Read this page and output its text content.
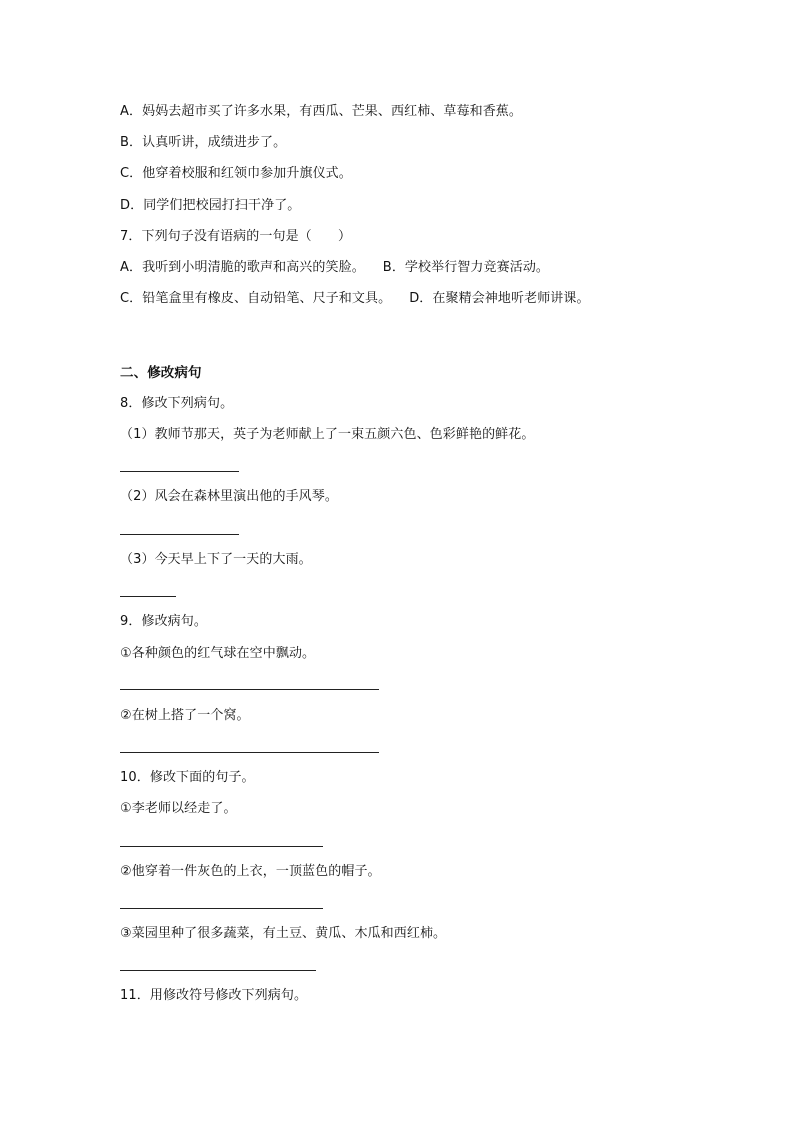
A．妈妈去超市买了许多水果，有西瓜、芒果、西红柿、草莓和香蕉。
B．认真听讲，成绩进步了。
C．他穿着校服和红领巾参加升旗仪式。
D．同学们把校园打扫干净了。
7．下列句子没有语病的一句是（　　）
A．我听到小明清脆的歌声和高兴的笑脸。 B．学校举行智力竞赛活动。
C．铅笔盒里有橡皮、自动铅笔、尺子和文具。 D．在聚精会神地听老师讲课。
二、修改病句
8．修改下列病句。
（1）教师节那天，英子为老师献上了一束五颜六色、色彩鲜艳的鲜花。
（2）风会在森林里演出他的手风琴。
（3）今天早上下了一天的大雨。
9．修改病句。
①各种颜色的红气球在空中飘动。
②在树上搭了一个窝。
10．修改下面的句子。
①李老师以经走了。
②他穿着一件灰色的上衣，一顶蓝色的帽子。
③菜园里种了很多蔬菜，有土豆、黄瓜、木瓜和西红柿。
11．用修改符号修改下列病句。
